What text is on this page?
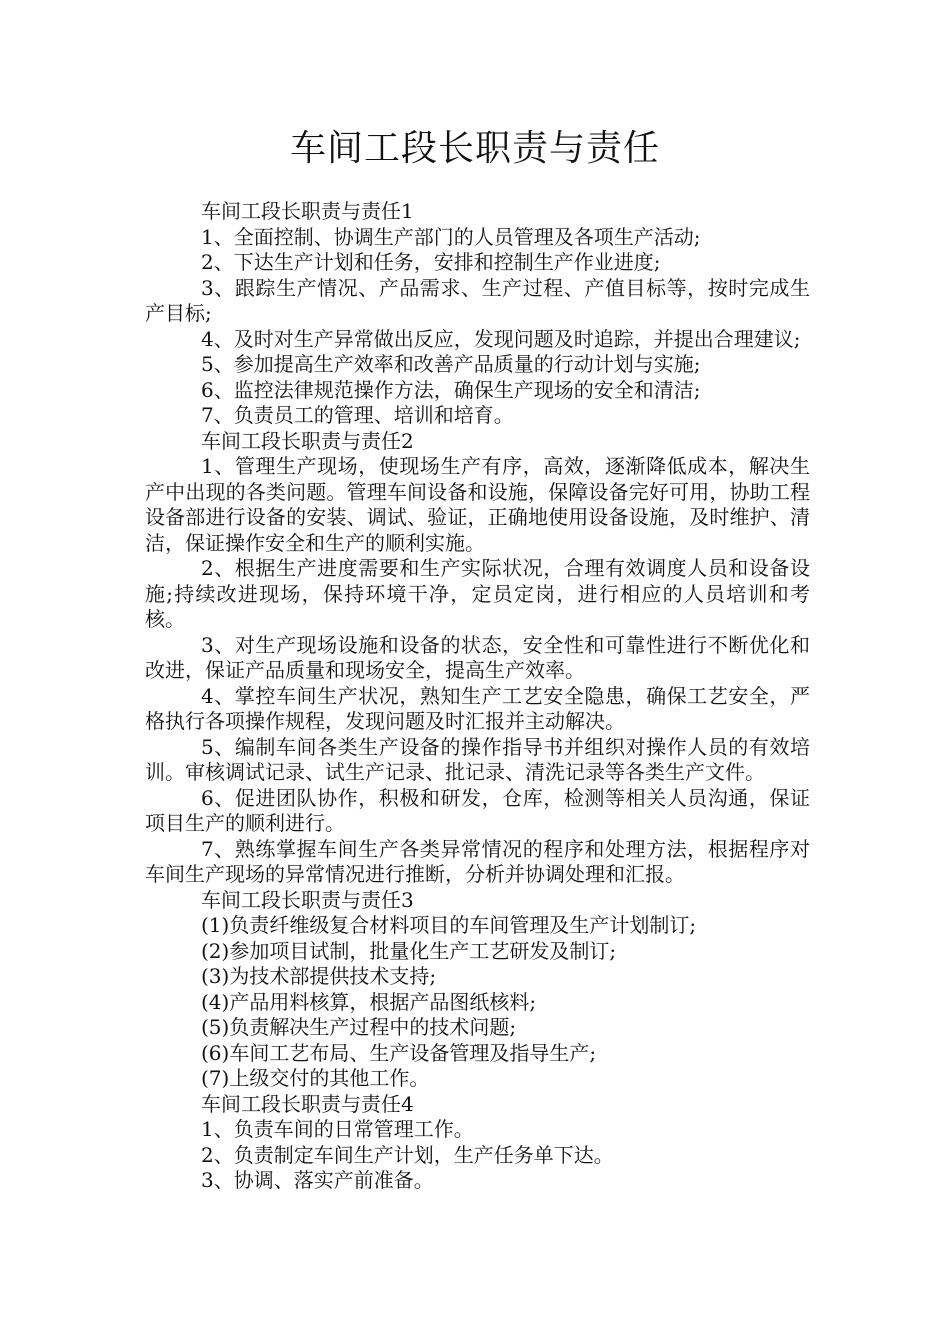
车间工段长职责与责任

车间工段长职责与责任1

1、全面控制、协调生产部门的人员管理及各项生产活动;

2、下达生产计划和任务，安排和控制生产作业进度;

3、跟踪生产情况、产品需求、生产过程、产值目标等，按时完成生产目标;

4、及时对生产异常做出反应，发现问题及时追踪，并提出合理建议;

5、参加提高生产效率和改善产品质量的行动计划与实施;

6、监控法律规范操作方法，确保生产现场的安全和清洁;

7、负责员工的管理、培训和培育。

车间工段长职责与责任2

1、管理生产现场，使现场生产有序，高效，逐渐降低成本，解决生产中出现的各类问题。管理车间设备和设施，保障设备完好可用，协助工程设备部进行设备的安装、调试、验证，正确地使用设备设施，及时维护、清洁，保证操作安全和生产的顺利实施。

2、根据生产进度需要和生产实际状况，合理有效调度人员和设备设施;持续改进现场，保持环境干净，定员定岗，进行相应的人员培训和考核。

3、对生产现场设施和设备的状态，安全性和可靠性进行不断优化和改进，保证产品质量和现场安全，提高生产效率。

4、掌控车间生产状况，熟知生产工艺安全隐患，确保工艺安全，严格执行各项操作规程，发现问题及时汇报并主动解决。

5、编制车间各类生产设备的操作指导书并组织对操作人员的有效培训。审核调试记录、试生产记录、批记录、清洗记录等各类生产文件。

6、促进团队协作，积极和研发，仓库，检测等相关人员沟通，保证项目生产的顺利进行。

7、熟练掌握车间生产各类异常情况的程序和处理方法，根据程序对车间生产现场的异常情况进行推断，分析并协调处理和汇报。

车间工段长职责与责任3

(1)负责纤维级复合材料项目的车间管理及生产计划制订;

(2)参加项目试制，批量化生产工艺研发及制订;

(3)为技术部提供技术支持;

(4)产品用料核算，根据产品图纸核料;

(5)负责解决生产过程中的技术问题;

(6)车间工艺布局、生产设备管理及指导生产;

(7)上级交付的其他工作。

车间工段长职责与责任4

1、负责车间的日常管理工作。

2、负责制定车间生产计划，生产任务单下达。

3、协调、落实产前准备。
